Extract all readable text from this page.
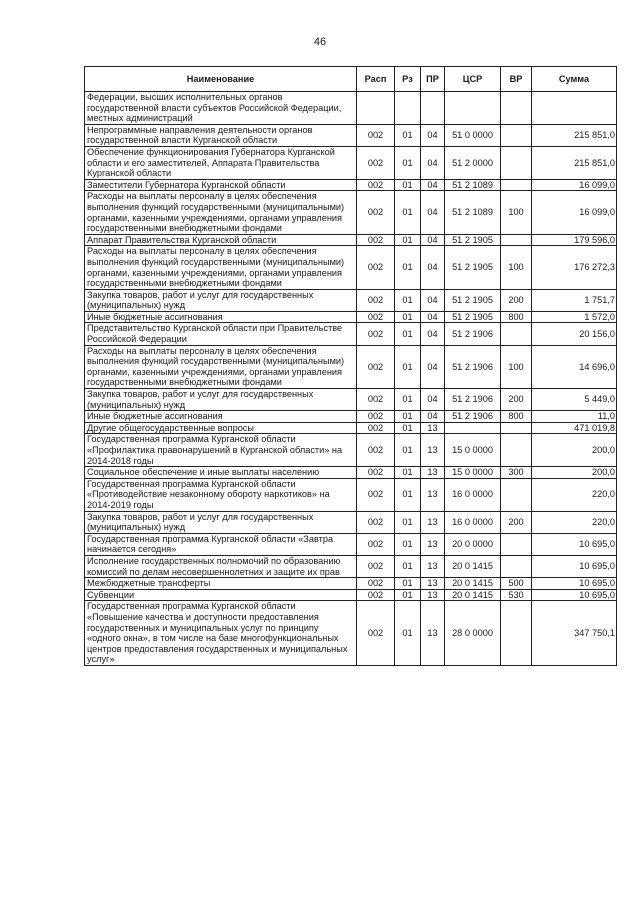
46
Наименование	Расп	Рз	ПР	ЦСР	ВР	Сумма
Федерации, высших исполнительных органов государственной власти субъектов Российской Федерации, местных администраций						
Непрограммные направления деятельности органов государственной власти Курганской области	002	01	04	51 0 0000		215 851,0
Обеспечение функционирования Губернатора Курганской области и его заместителей, Аппарата Правительства Курганской области	002	01	04	51 2 0000		215 851,0
Заместители Губернатора Курганской области	002	01	04	51 2 1089		16 099,0
Расходы на выплаты персоналу в целях обеспечения выполнения функций государственными (муниципальными) органами, казенными учреждениями, органами управления государственными внебюджетными фондами	002	01	04	51 2 1089	100	16 099,0
Аппарат Правительства Курганской области	002	01	04	51 2 1905		179 596,0
Расходы на выплаты персоналу в целях обеспечения выполнения функций государственными (муниципальными) органами, казенными учреждениями, органами управления государственными внебюджетными фондами	002	01	04	51 2 1905	100	176 272,3
Закупка товаров, работ и услуг для государственных (муниципальных) нужд	002	01	04	51 2 1905	200	1 751,7
Иные бюджетные ассигнования	002	01	04	51 2 1905	800	1 572,0
Представительство Курганской области при Правительстве Российской Федерации	002	01	04	51 2 1906		20 156,0
Расходы на выплаты персоналу в целях обеспечения выполнения функций государственными (муниципальными) органами, казенными учреждениями, органами управления государственными внебюджетными фондами	002	01	04	51 2 1906	100	14 696,0
Закупка товаров, работ и услуг для государственных (муниципальных) нужд	002	01	04	51 2 1906	200	5 449,0
Иные бюджетные ассигнования	002	01	04	51 2 1906	800	11,0
Другие общегосударственные вопросы	002	01	13			471 019,8
Государственная программа Курганской области «Профилактика правонарушений в Курганской области» на 2014-2018 годы	002	01	13	15 0 0000		200,0
Социальное обеспечение и иные выплаты населению	002	01	13	15 0 0000	300	200,0
Государственная программа Курганской области «Противодействие незаконному обороту наркотиков» на 2014-2019 годы	002	01	13	16 0 0000		220,0
Закупка товаров, работ и услуг для государственных (муниципальных) нужд	002	01	13	16 0 0000	200	220,0
Государственная программа Курганской области «Завтра начинается сегодня»	002	01	13	20 0 0000		10 695,0
Исполнение государственных полномочий по образованию комиссий по делам несовершеннолетних и защите их прав	002	01	13	20 0 1415		10 695,0
Межбюджетные трансферты	002	01	13	20 0 1415	500	10 695,0
Субвенции	002	01	13	20 0 1415	530	10 695,0
Государственная программа Курганской области «Повышение качества и доступности предоставления государственных и муниципальных услуг по принципу «одного окна», в том числе на базе многофункциональных центров предоставления государственных и муниципальных услуг»	002	01	13	28 0 0000		347 750,1
